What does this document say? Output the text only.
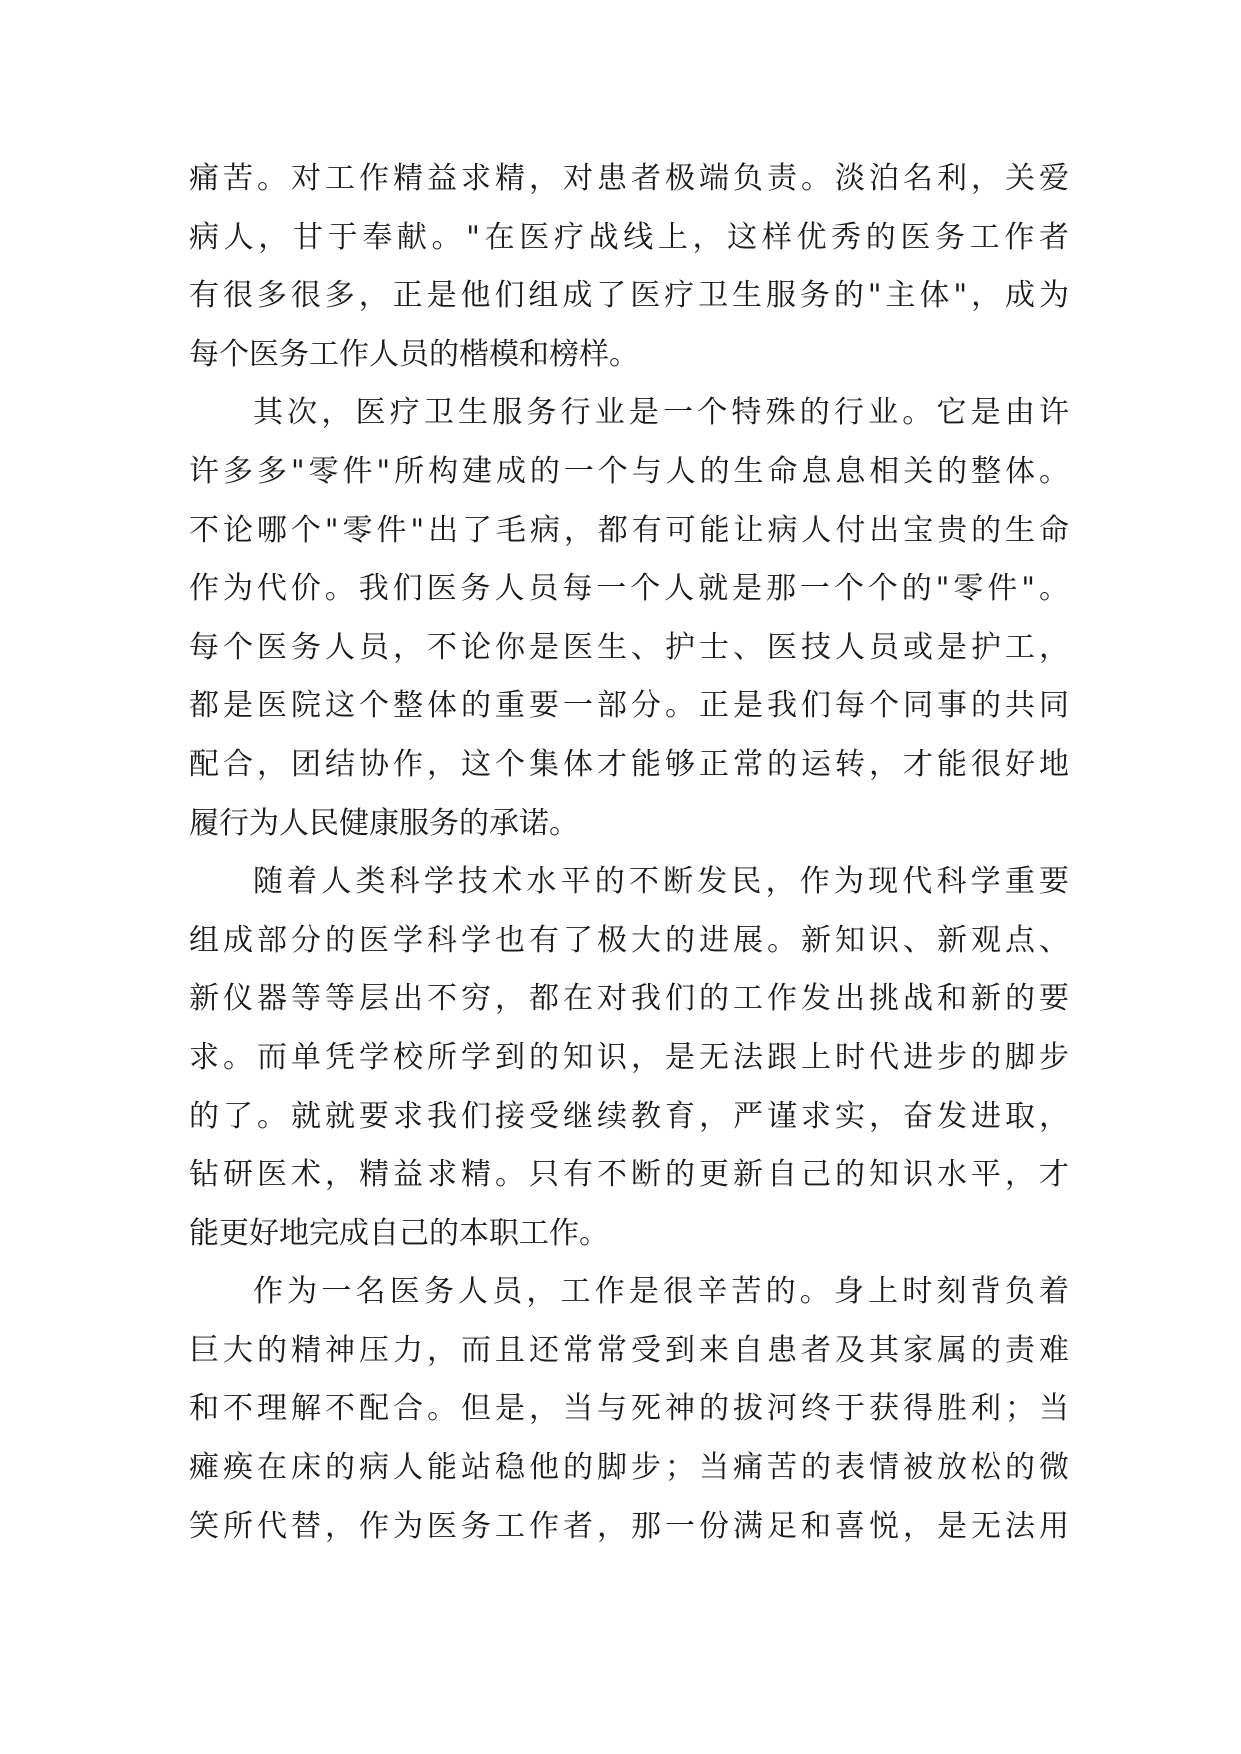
痛苦。对工作精益求精，对患者极端负责。淡泊名利，关爱
病人，甘于奉献。"在医疗战线上，这样优秀的医务工作者
有很多很多，正是他们组成了医疗卫生服务的"主体"，成为
每个医务工作人员的楷模和榜样。
其次，医疗卫生服务行业是一个特殊的行业。它是由许
许多多"零件"所构建成的一个与人的生命息息相关的整体。
不论哪个"零件"出了毛病，都有可能让病人付出宝贵的生命
作为代价。我们医务人员每一个人就是那一个个的"零件"。
每个医务人员，不论你是医生、护士、医技人员或是护工，
都是医院这个整体的重要一部分。正是我们每个同事的共同
配合，团结协作，这个集体才能够正常的运转，才能很好地
履行为人民健康服务的承诺。
随着人类科学技术水平的不断发民，作为现代科学重要
组成部分的医学科学也有了极大的进展。新知识、新观点、
新仪器等等层出不穷，都在对我们的工作发出挑战和新的要
求。而单凭学校所学到的知识，是无法跟上时代进步的脚步
的了。就就要求我们接受继续教育，严谨求实，奋发进取，
钻研医术，精益求精。只有不断的更新自己的知识水平，才
能更好地完成自己的本职工作。
作为一名医务人员，工作是很辛苦的。身上时刻背负着
巨大的精神压力，而且还常常受到来自患者及其家属的责难
和不理解不配合。但是，当与死神的拔河终于获得胜利；当
瘫痪在床的病人能站稳他的脚步；当痛苦的表情被放松的微
笑所代替，作为医务工作者，那一份满足和喜悦，是无法用
